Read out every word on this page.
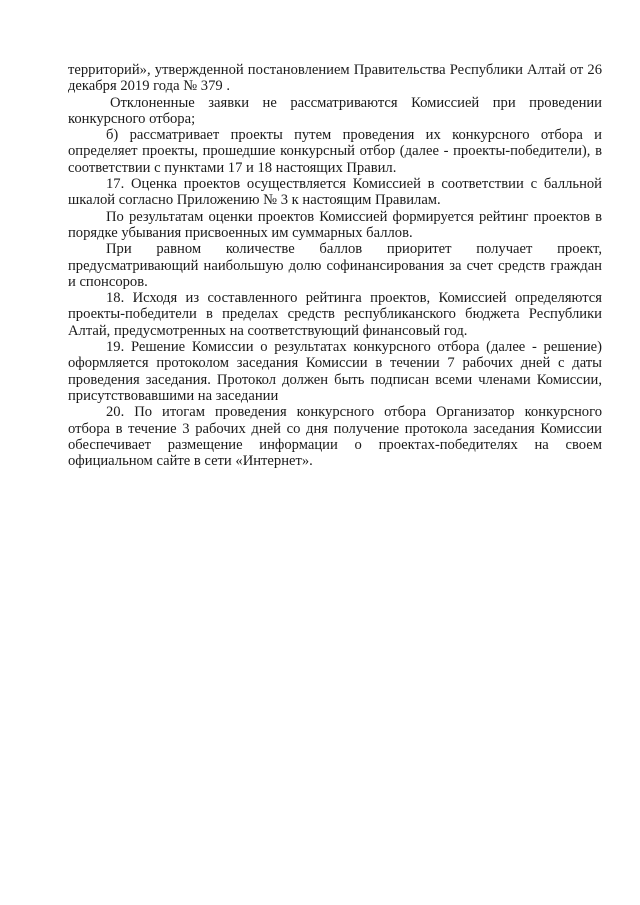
территорий», утвержденной постановлением Правительства Республики Алтай от 26 декабря 2019 года № 379 .

Отклоненные заявки не рассматриваются Комиссией при проведении конкурсного отбора;

б) рассматривает проекты путем проведения их конкурсного отбора и определяет проекты, прошедшие конкурсный отбор (далее - проекты-победители), в соответствии с пунктами 17 и 18 настоящих Правил.

17. Оценка проектов осуществляется Комиссией в соответствии с балльной шкалой согласно Приложению № 3 к настоящим Правилам.

По результатам оценки проектов Комиссией формируется рейтинг проектов в порядке убывания присвоенных им суммарных баллов.

При равном количестве баллов приоритет получает проект, предусматривающий наибольшую долю софинансирования за счет средств граждан и спонсоров.

18. Исходя из составленного рейтинга проектов, Комиссией определяются проекты-победители в пределах средств республиканского бюджета Республики Алтай, предусмотренных на соответствующий финансовый год.

19. Решение Комиссии о результатах конкурсного отбора (далее - решение) оформляется протоколом заседания Комиссии в течении 7 рабочих дней с даты проведения заседания. Протокол должен быть подписан всеми членами Комиссии, присутствовавшими на заседании

20. По итогам проведения конкурсного отбора Организатор конкурсного отбора в течение 3 рабочих дней со дня получение протокола заседания Комиссии обеспечивает размещение информации о проектах-победителях на своем официальном сайте в сети «Интернет».
